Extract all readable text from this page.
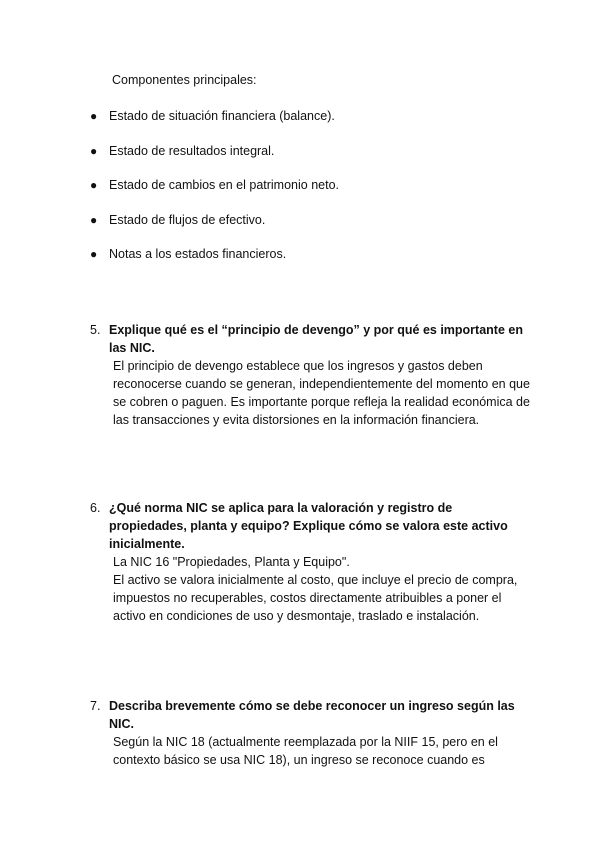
Componentes principales:
● Estado de situación financiera (balance).
● Estado de resultados integral.
● Estado de cambios en el patrimonio neto.
● Estado de flujos de efectivo.
● Notas a los estados financieros.
5. Explique qué es el “principio de devengo” y por qué es importante en las NIC.
El principio de devengo establece que los ingresos y gastos deben reconocerse cuando se generan, independientemente del momento en que se cobren o paguen. Es importante porque refleja la realidad económica de las transacciones y evita distorsiones en la información financiera.
6. ¿Qué norma NIC se aplica para la valoración y registro de propiedades, planta y equipo? Explique cómo se valora este activo inicialmente.
La NIC 16 "Propiedades, Planta y Equipo".
El activo se valora inicialmente al costo, que incluye el precio de compra, impuestos no recuperables, costos directamente atribuibles a poner el activo en condiciones de uso y desmontaje, traslado e instalación.
7. Describa brevemente cómo se debe reconocer un ingreso según las NIC.
Según la NIC 18 (actualmente reemplazada por la NIIF 15, pero en el contexto básico se usa NIC 18), un ingreso se reconoce cuando es
